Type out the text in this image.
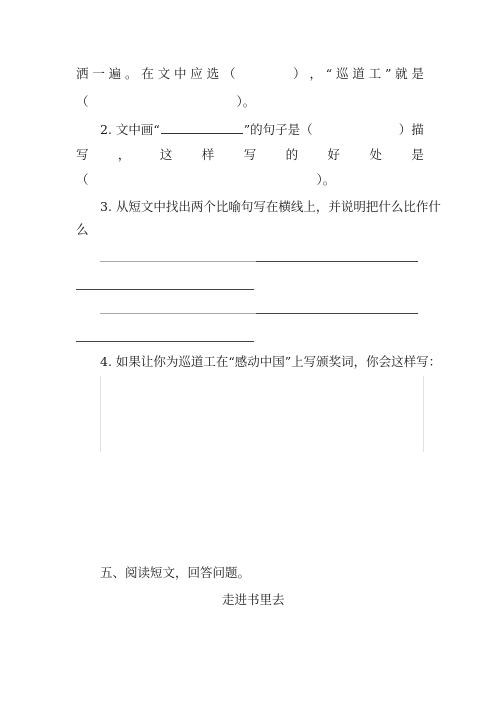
洒 一 遍 。 在 文 中 应 选 （
　　　　	） ， “ 巡 道 工 ” 就 是
（	）。
2. 文中画“	”的句子是（	）描
写 ， 这 样 写 的 好 处 是
（	）。
3. 从短文中找出两个比喻句写在横线上，并说明把什么比作什
么
4. 如果让你为巡道工在“感动中国”上写颁奖词，你会这样写：
五、阅读短文，回答问题。
走进书里去
